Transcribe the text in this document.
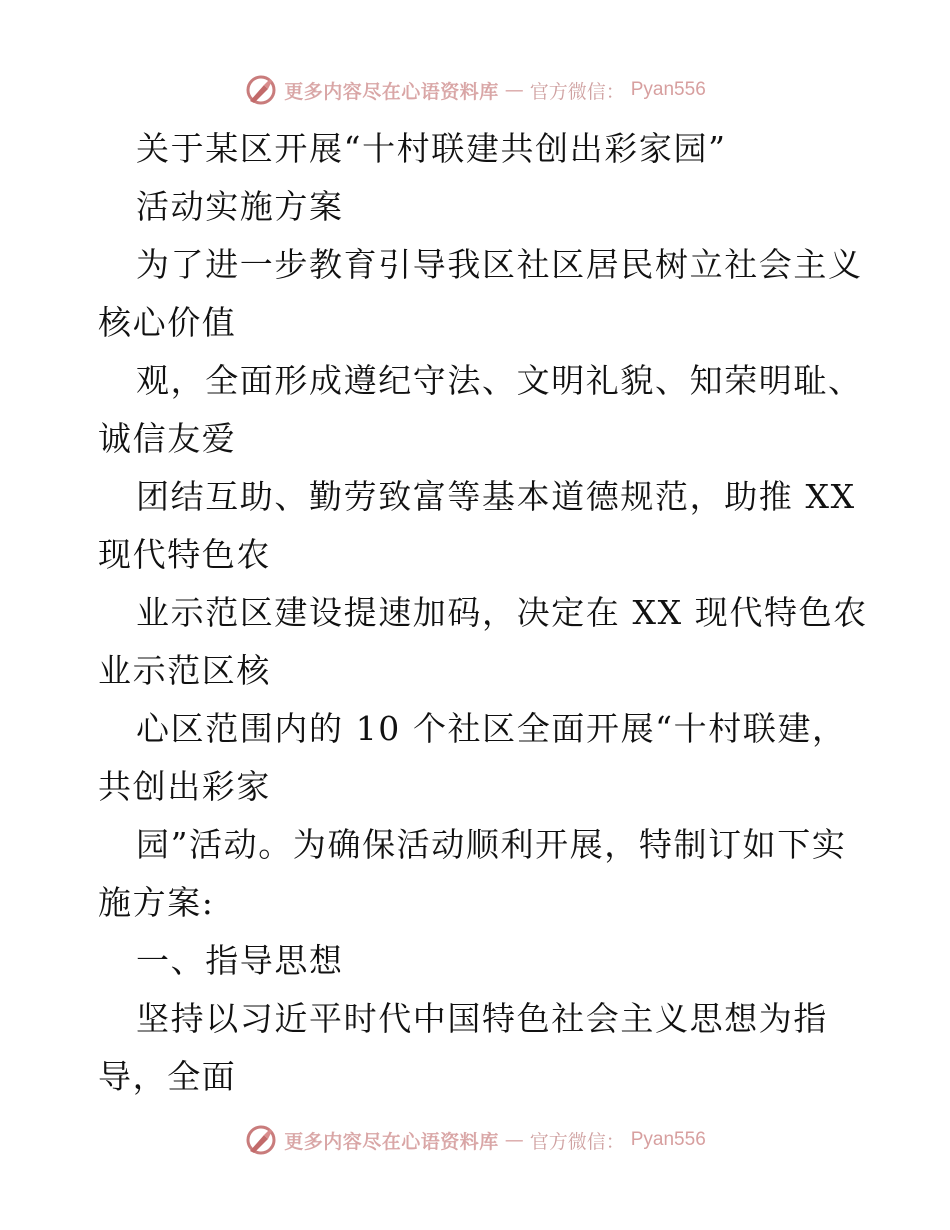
更多内容尽在心语资料库 — 官方微信： Pyan556
关于某区开展“十村联建共创出彩家园”
活动实施方案
为了进一步教育引导我区社区居民树立社会主义
核心价值
观，全面形成遵纪守法、文明礼貌、知荣明耻、
诚信友爱
团结互助、勤劳致富等基本道德规范，助推 XX
现代特色农
业示范区建设提速加码，决定在 XX 现代特色农
业示范区核
心区范围内的 10 个社区全面开展“十村联建，
共创出彩家
园”活动。为确保活动顺利开展，特制订如下实
施方案:
一、指导思想
坚持以习近平时代中国特色社会主义思想为指
导，全面
更多内容尽在心语资料库 — 官方微信： Pyan556
